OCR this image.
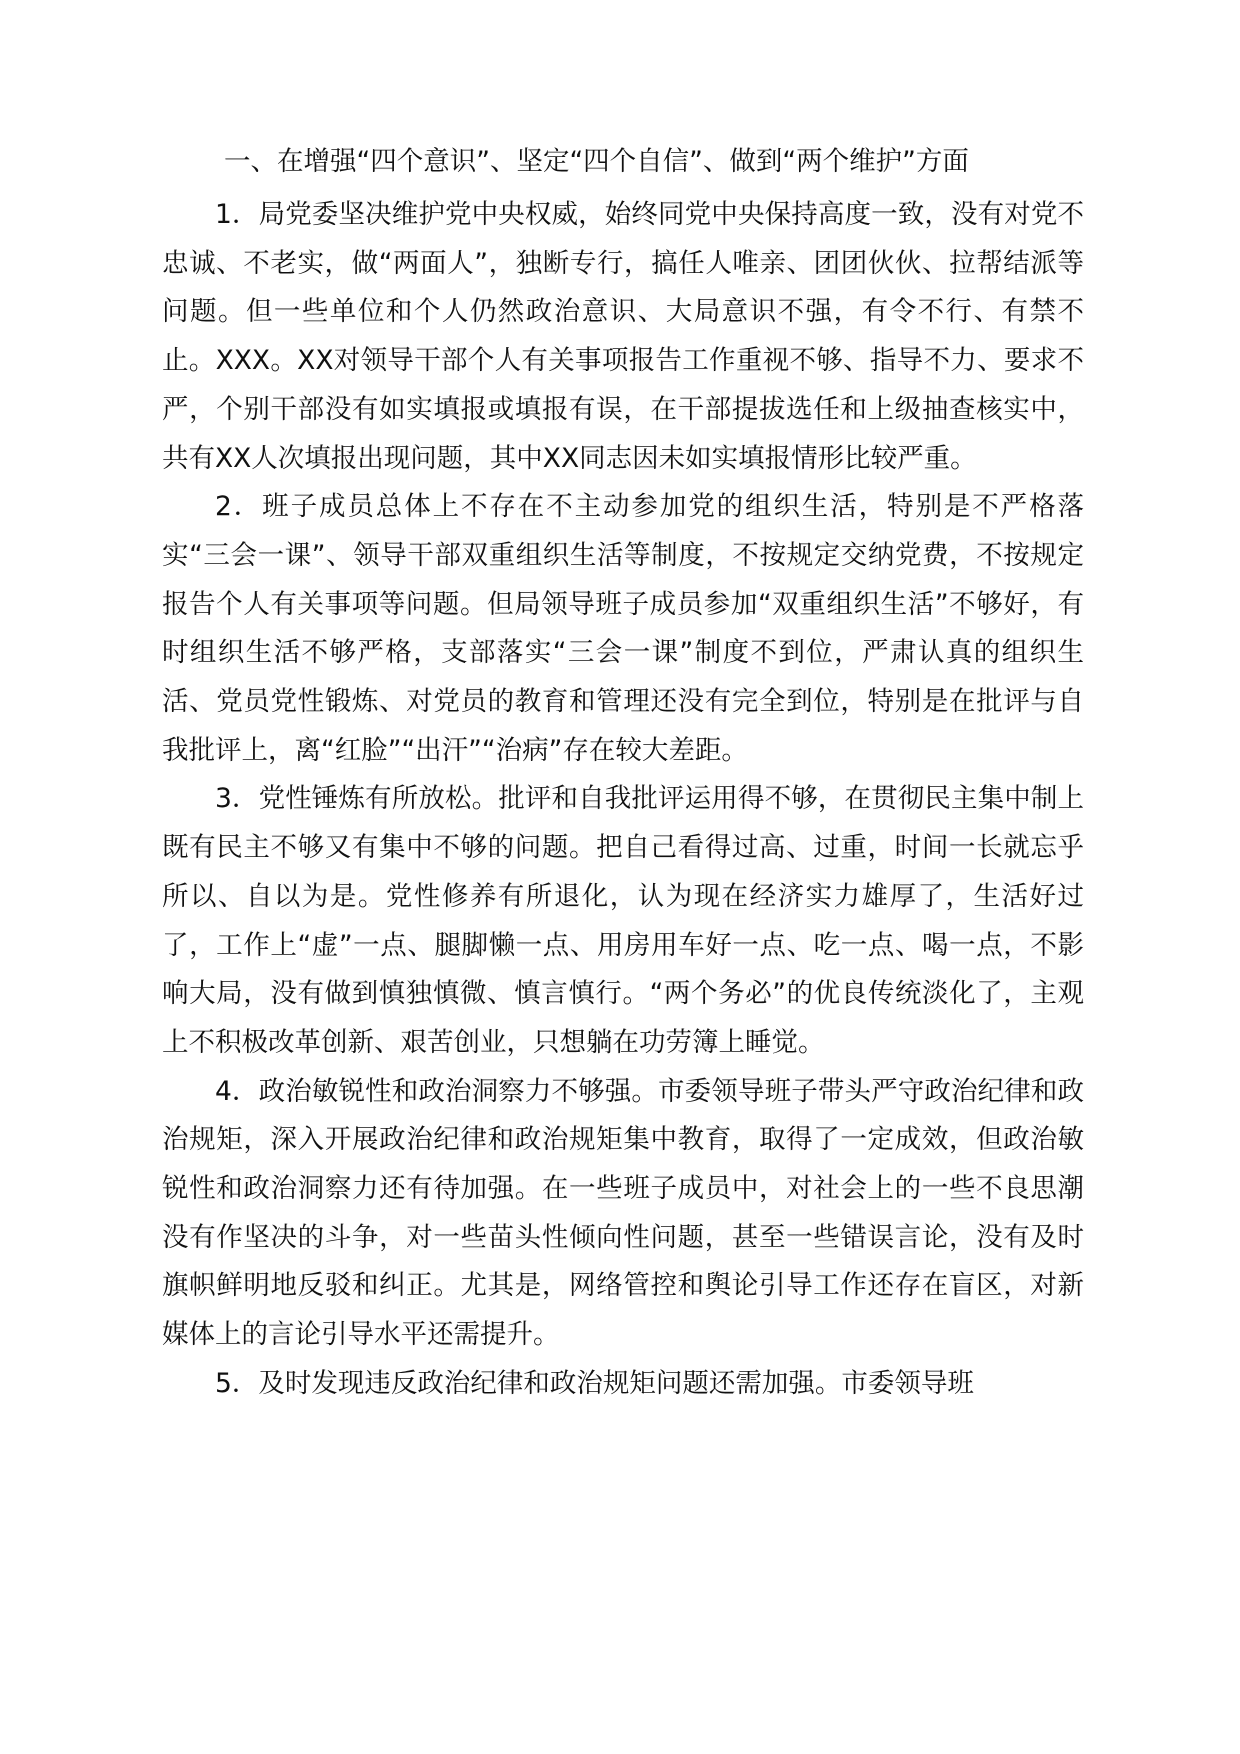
一、在增强“四个意识”、坚定“四个自信”、做到“两个维护”方面

1．局党委坚决维护党中央权威，始终同党中央保持高度一致，没有对党不忠诚、不老实，做“两面人”，独断专行，搞任人唯亲、团团伙伙、拉帮结派等问题。但一些单位和个人仍然政治意识、大局意识不强，有令不行、有禁不止。XXX。XX对领导干部个人有关事项报告工作重视不够、指导不力、要求不严，个别干部没有如实填报或填报有误，在干部提拔选任和上级抽查核实中，共有XX人次填报出现问题，其中XX同志因未如实填报情形比较严重。

2．班子成员总体上不存在不主动参加党的组织生活，特别是不严格落实“三会一课”、领导干部双重组织生活等制度，不按规定交纳党费，不按规定报告个人有关事项等问题。但局领导班子成员参加“双重组织生活”不够好，有时组织生活不够严格，支部落实“三会一课”制度不到位，严肃认真的组织生活、党员党性锻炼、对党员的教育和管理还没有完全到位，特别是在批评与自我批评上，离“红脸”“出汗”“治病”存在较大差距。

3．党性锤炼有所放松。批评和自我批评运用得不够，在贯彻民主集中制上既有民主不够又有集中不够的问题。把自己看得过高、过重，时间一长就忘乎所以、自以为是。党性修养有所退化，认为现在经济实力雄厚了，生活好过了，工作上“虚”一点、腿脚懒一点、用房用车好一点、吃一点、喝一点，不影响大局，没有做到慎独慎微、慎言慎行。“两个务必”的优良传统淡化了，主观上不积极改革创新、艰苦创业，只想躺在功劳簿上睡觉。

4．政治敏锐性和政治洞察力不够强。市委领导班子带头严守政治纪律和政治规矩，深入开展政治纪律和政治规矩集中教育，取得了一定成效，但政治敏锐性和政治洞察力还有待加强。在一些班子成员中，对社会上的一些不良思潮没有作坚决的斗争，对一些苗头性倾向性问题，甚至一些错误言论，没有及时旗帜鲜明地反驳和纠正。尤其是，网络管控和舆论引导工作还存在盲区，对新媒体上的言论引导水平还需提升。

5．及时发现违反政治纪律和政治规矩问题还需加强。市委领导班
